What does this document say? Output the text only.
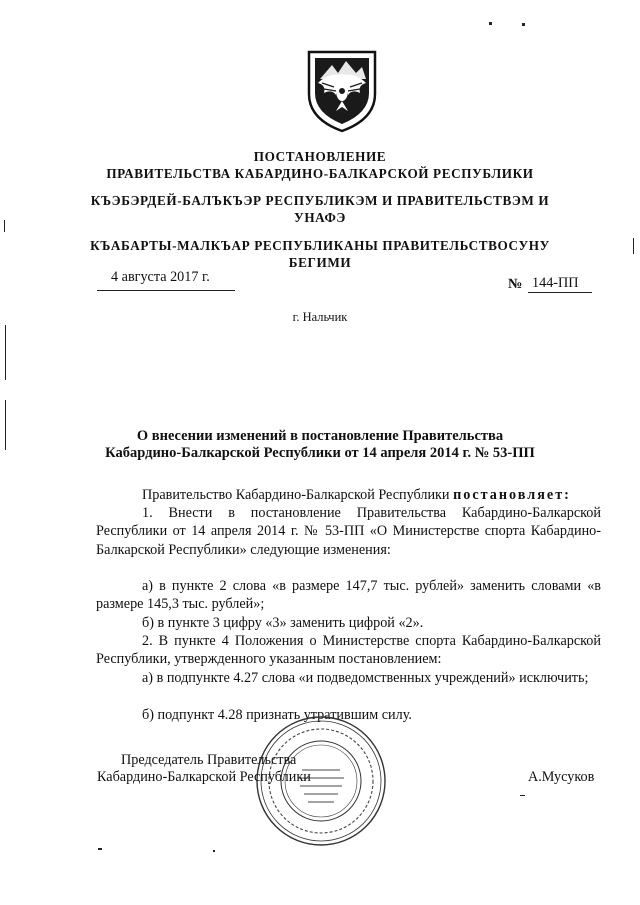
ПОСТАНОВЛЕНИЕ
ПРАВИТЕЛЬСТВА КАБАРДИНО-БАЛКАРСКОЙ РЕСПУБЛИКИ
КЪЭБЭРДЕЙ-БАЛЪКЪЭР РЕСПУБЛИКЭМ И ПРАВИТЕЛЬСТВЭМ И
УНАФЭ
КЪАБАРТЫ-МАЛКЪАР РЕСПУБЛИКАНЫ ПРАВИТЕЛЬСТВОСУНУ
БЕГИМИ
4 августа 2017 г.	№ 144-ПП
г. Нальчик
О внесении изменений в постановление Правительства
Кабардино-Балкарской Республики от 14 апреля 2014 г. № 53-ПП
Правительство Кабардино-Балкарской Республики постановляет:
1. Внести в постановление Правительства Кабардино-Балкарской Республики от 14 апреля 2014 г. № 53-ПП «О Министерстве спорта Кабардино-Балкарской Республики» следующие изменения:
а) в пункте 2 слова «в размере 147,7 тыс. рублей» заменить словами «в размере 145,3 тыс. рублей»;
б) в пункте 3 цифру «3» заменить цифрой «2».
2. В пункте 4 Положения о Министерстве спорта Кабардино-Балкарской Республики, утвержденного указанным постановлением:
а) в подпункте 4.27 слова «и подведомственных учреждений» исключить;
б) подпункт 4.28 признать утратившим силу.
Председатель Правительства
Кабардино-Балкарской Республики	А.Мусуков
